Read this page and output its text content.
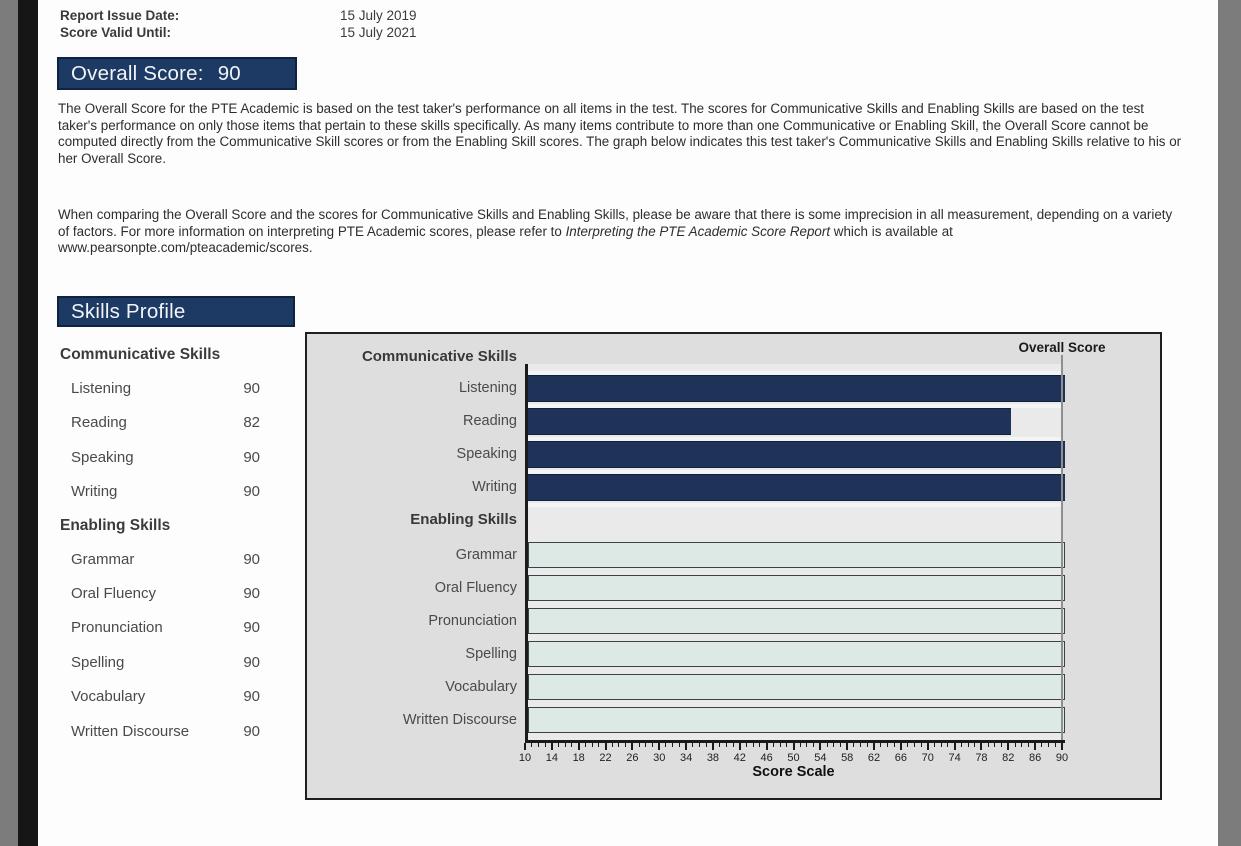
Report Issue Date:	15 July 2019
Score Valid Until:	15 July 2021
Overall Score: 90
The Overall Score for the PTE Academic is based on the test taker's performance on all items in the test. The scores for Communicative Skills and Enabling Skills are based on the test taker's performance on only those items that pertain to these skills specifically. As many items contribute to more than one Communicative or Enabling Skill, the Overall Score cannot be computed directly from the Communicative Skill scores or from the Enabling Skill scores. The graph below indicates this test taker's Communicative Skills and Enabling Skills relative to his or her Overall Score.
When comparing the Overall Score and the scores for Communicative Skills and Enabling Skills, please be aware that there is some imprecision in all measurement, depending on a variety of factors. For more information on interpreting PTE Academic scores, please refer to Interpreting the PTE Academic Score Report which is available at www.pearsonpte.com/pteacademic/scores.
Skills Profile
Communicative Skills
Listening	90
Reading	82
Speaking	90
Writing	90
Enabling Skills
Grammar	90
Oral Fluency	90
Pronunciation	90
Spelling	90
Vocabulary	90
Written Discourse	90
Communicative Skills
Listening
Reading
Speaking
Writing
Enabling Skills
Grammar
Oral Fluency
Pronunciation
Spelling
Vocabulary
Written Discourse
Overall Score
10	14	18	22	26	30	34	38	42	46	50	54	58	62	66	70	74	78	82	86	90
Score Scale
